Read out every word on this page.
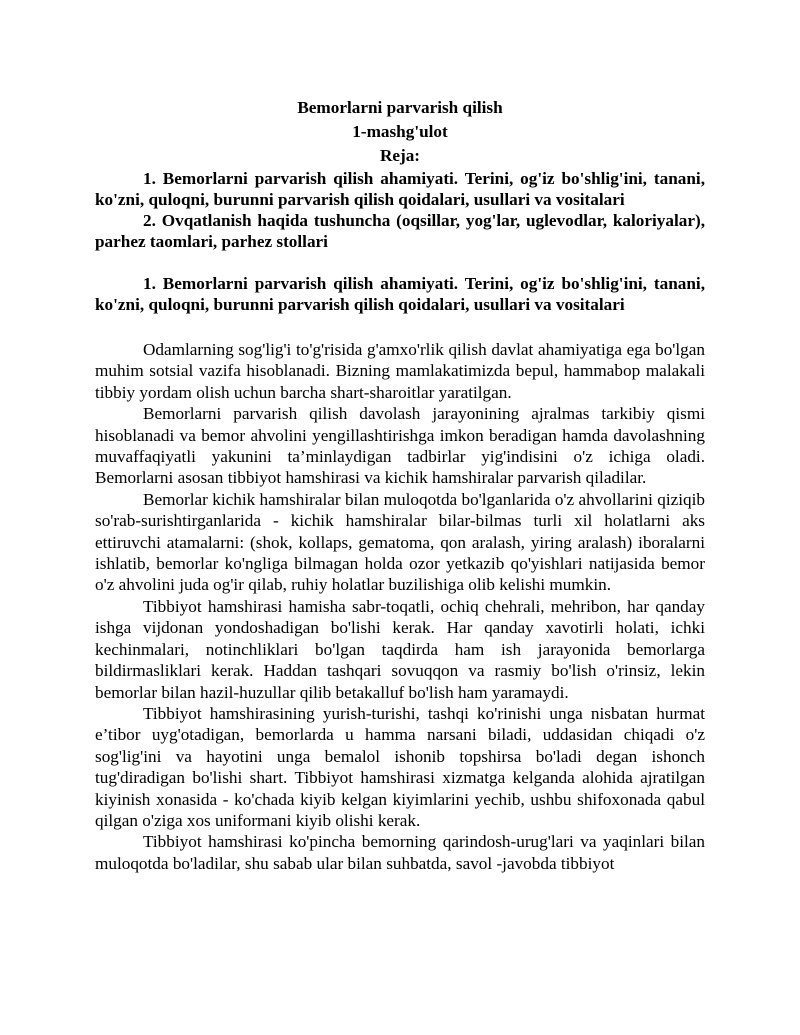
Bemorlarni parvarish qilish

1-mashg'ulot

Reja:

1. Bemorlarni parvarish qilish ahamiyati. Terini, og'iz bo'shlig'ini, tanani, ko'zni, quloqni, burunni parvarish qilish qoidalari, usullari va vositalari

2. Ovqatlanish haqida tushuncha (oqsillar, yog'lar, uglevodlar, kaloriyalar), parhez taomlari, parhez stollari

1. Bemorlarni parvarish qilish ahamiyati. Terini, og'iz bo'shlig'ini, tanani, ko'zni, quloqni, burunni parvarish qilish qoidalari, usullari va vositalari

Odamlarning sog'lig'i to'g'risida g'amxo'rlik qilish davlat ahamiyatiga ega bo'lgan muhim sotsial vazifa hisoblanadi. Bizning mamlakatimizda bepul, hammabop malakali tibbiy yordam olish uchun barcha shart-sharoitlar yaratilgan.

Bemorlarni parvarish qilish davolash jarayonining ajralmas tarkibiy qismi hisoblanadi va bemor ahvolini yengillashtirishga imkon beradigan hamda davolashning muvaffaqiyatli yakunini ta’minlaydigan tadbirlar yig'indisini o'z ichiga oladi. Bemorlarni asosan tibbiyot hamshirasi va kichik hamshiralar parvarish qiladilar.

Bemorlar kichik hamshiralar bilan muloqotda bo'lganlarida o'z ahvollarini qiziqib so'rab-surishtirganlarida - kichik hamshiralar bilar-bilmas turli xil holatlarni aks ettiruvchi atamalarni: (shok, kollaps, gematoma, qon aralash, yiring aralash) iboralarni ishlatib, bemorlar ko'ngliga bilmagan holda ozor yetkazib qo'yishlari natijasida bemor o'z ahvolini juda og'ir qilab, ruhiy holatlar buzilishiga olib kelishi mumkin.

Tibbiyot hamshirasi hamisha sabr-toqatli, ochiq chehrali, mehribon, har qanday ishga vijdonan yondoshadigan bo'lishi kerak. Har qanday xavotirli holati, ichki kechinmalari, notinchliklari bo'lgan taqdirda ham ish jarayonida bemorlarga bildirmasliklari kerak. Haddan tashqari sovuqqon va rasmiy bo'lish o'rinsiz, lekin bemorlar bilan hazil-huzullar qilib betakalluf bo'lish ham yaramaydi.

Tibbiyot hamshirasining yurish-turishi, tashqi ko'rinishi unga nisbatan hurmat e’tibor uyg'otadigan, bemorlarda u hamma narsani biladi, uddasidan chiqadi o'z sog'lig'ini va hayotini unga bemalol ishonib topshirsa bo'ladi degan ishonch tug'diradigan bo'lishi shart. Tibbiyot hamshirasi xizmatga kelganda alohida ajratilgan kiyinish xonasida - ko'chada kiyib kelgan kiyimlarini yechib, ushbu shifoxonada qabul qilgan o'ziga xos uniformani kiyib olishi kerak.

Tibbiyot hamshirasi ko'pincha bemorning qarindosh-urug'lari va yaqinlari bilan muloqotda bo'ladilar, shu sabab ular bilan suhbatda, savol -javobda tibbiyot
